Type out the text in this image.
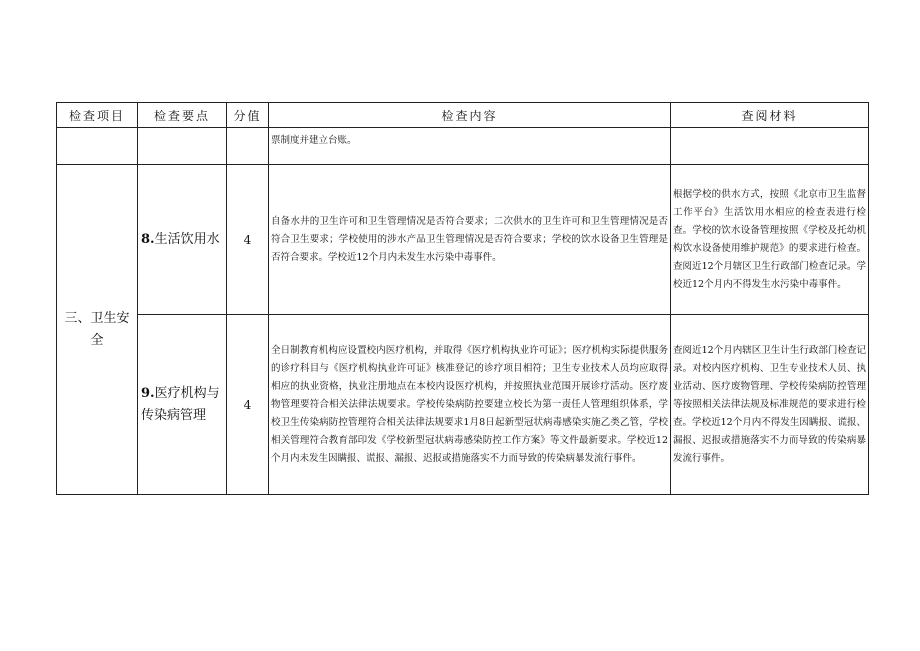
检查项目	检查要点	分值	检查内容	查阅材料
			票制度并建立台账。	
三、卫生安全	8.生活饮用水	4	自备水井的卫生许可和卫生管理情况是否符合要求；二次供水的卫生许可和卫生管理情况是否符合卫生要求；学校使用的涉水产品卫生管理情况是否符合要求；学校的饮水设备卫生管理是否符合要求。学校近12个月内未发生水污染中毒事件。	根据学校的供水方式，按照《北京市卫生监督工作平台》生活饮用水相应的检查表进行检查。学校的饮水设备管理按照《学校及托幼机构饮水设备使用维护规范》的要求进行检查。查阅近12个月辖区卫生行政部门检查记录。学校近12个月内不得发生水污染中毒事件。
	9.医疗机构与传染病管理	4	全日制教育机构应设置校内医疗机构，并取得《医疗机构执业许可证》；医疗机构实际提供服务的诊疗科目与《医疗机构执业许可证》核准登记的诊疗项目相符；卫生专业技术人员均应取得相应的执业资格，执业注册地点在本校内设医疗机构，并按照执业范围开展诊疗活动。医疗废物管理要符合相关法律法规要求。学校传染病防控要建立校长为第一责任人管理组织体系，学校卫生传染病防控管理符合相关法律法规要求1月8日起新型冠状病毒感染实施乙类乙管，学校相关管理符合教育部印发《学校新型冠状病毒感染防控工作方案》等文件最新要求。学校近12个月内未发生因瞒报、谎报、漏报、迟报或措施落实不力而导致的传染病暴发流行事件。	查阅近12个月内辖区卫生计生行政部门检查记录。对校内医疗机构、卫生专业技术人员、执业活动、医疗废物管理、学校传染病防控管理等按照相关法律法规及标准规范的要求进行检查。学校近12个月内不得发生因瞒报、谎报、漏报、迟报或措施落实不力而导致的传染病暴发流行事件。
